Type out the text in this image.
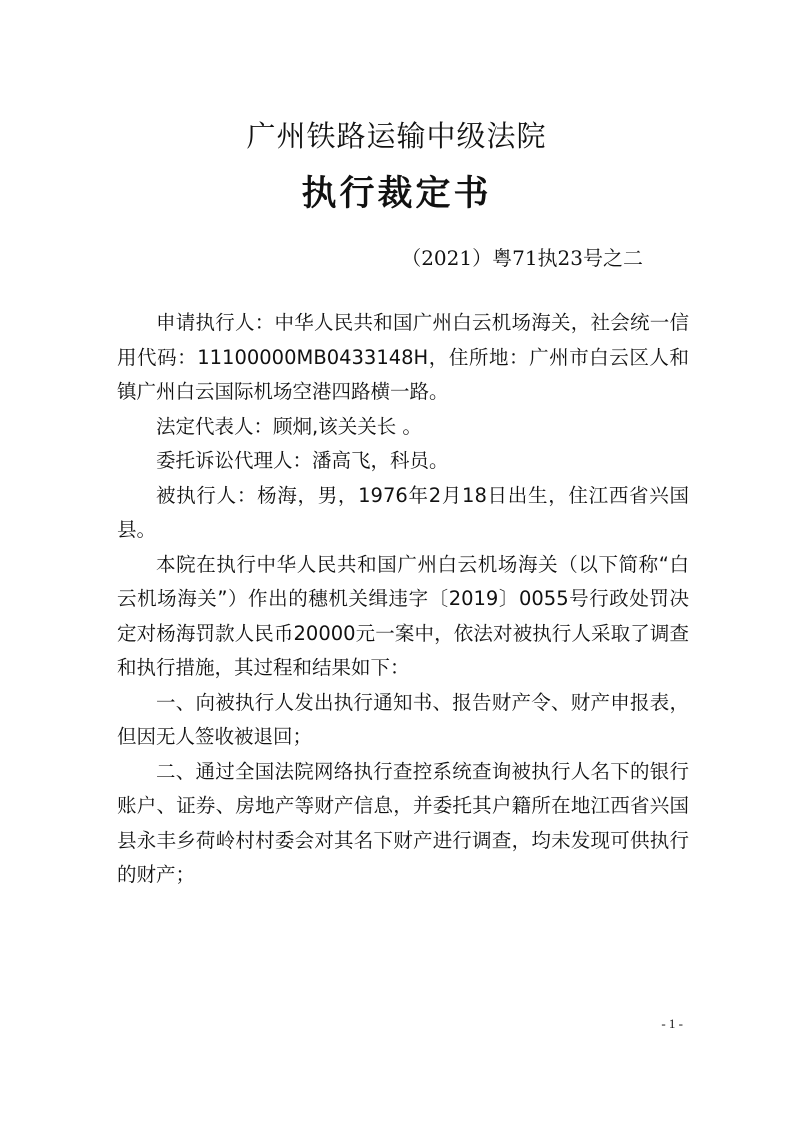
广州铁路运输中级法院
执行裁定书
（2021）粤71执23号之二

申请执行人：中华人民共和国广州白云机场海关，社会统一信用代码：11100000MB0433148H，住所地：广州市白云区人和镇广州白云国际机场空港四路横一路。

法定代表人：顾炯,该关关长 。

委托诉讼代理人：潘高飞，科员。

被执行人：杨海，男，1976年2月18日出生，住江西省兴国县。

本院在执行中华人民共和国广州白云机场海关（以下简称“白云机场海关”）作出的穗机关缉违字〔2019〕0055号行政处罚决定对杨海罚款人民币20000元一案中，依法对被执行人采取了调查和执行措施，其过程和结果如下：

一、向被执行人发出执行通知书、报告财产令、财产申报表，但因无人签收被退回；

二、通过全国法院网络执行查控系统查询被执行人名下的银行账户、证券、房地产等财产信息，并委托其户籍所在地江西省兴国县永丰乡荷岭村村委会对其名下财产进行调查，均未发现可供执行的财产；

- 1 -
